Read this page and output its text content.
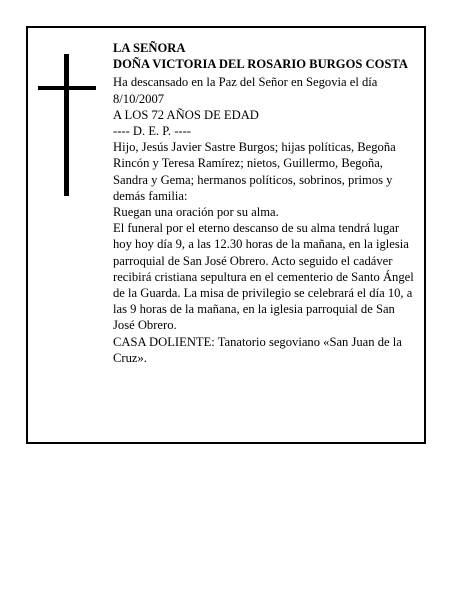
LA SEÑORA

DOÑA VICTORIA DEL ROSARIO BURGOS COSTA

Ha descansado en la Paz del Señor en Segovia el día 8/10/2007

A LOS 72 AÑOS DE EDAD

---- D. E. P. ----

Hijo, Jesús Javier Sastre Burgos; hijas políticas, Begoña Rincón y Teresa Ramírez; nietos, Guillermo, Begoña, Sandra y Gema; hermanos políticos, sobrinos, primos y demás familia:

Ruegan una oración por su alma.

El funeral por el eterno descanso de su alma tendrá lugar hoy hoy día 9, a las 12.30 horas de la mañana, en la iglesia parroquial de San José Obrero. Acto seguido el cadáver recibirá cristiana sepultura en el cementerio de Santo Ángel de la Guarda. La misa de privilegio se celebrará el día 10, a las 9 horas de la mañana, en la iglesia parroquial de San José Obrero.

CASA DOLIENTE: Tanatorio segoviano «San Juan de la Cruz».
